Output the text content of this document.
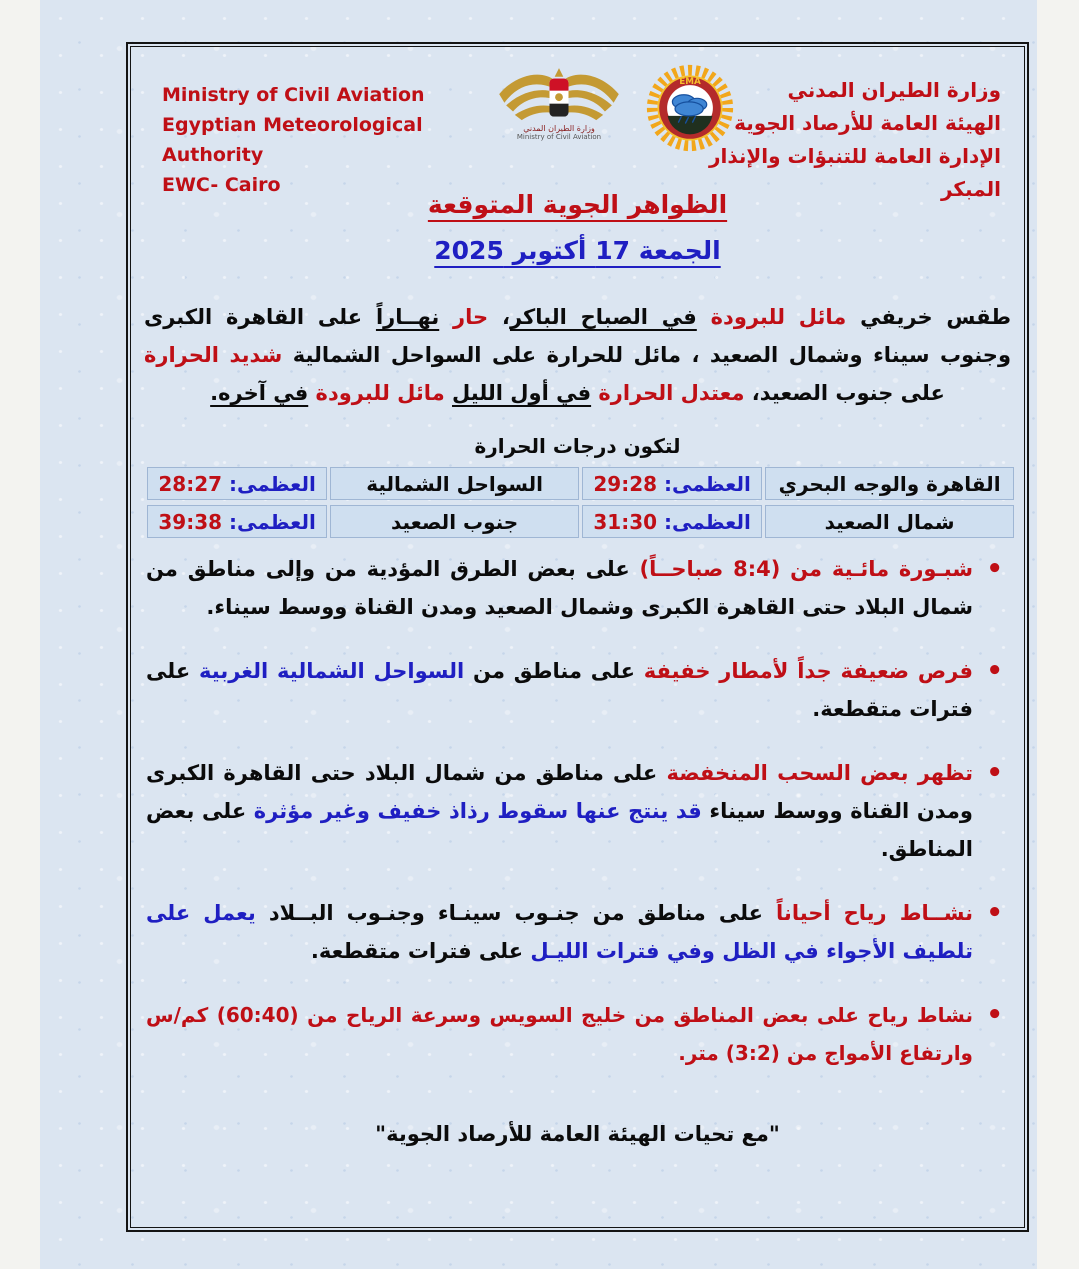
Ministry of Civil Aviation
Egyptian Meteorological Authority
EWC- Cairo
وزارة الطيران المدني
Ministry of Civil Aviation
EMA	وزارة الطيران المدني
الهيئة العامة للأرصاد الجوية
الإدارة العامة للتنبؤات والإنذار المبكر
الظواهر الجوية المتوقعة
الجمعة 17 أكتوبر 2025

طقس خريفي مائل للبرودة في الصباح الباكر، حار نهــاراً على القاهرة الكبرى وجنوب سيناء وشمال الصعيد ، مائل للحرارة على السواحل الشمالية شديد الحرارة على جنوب الصعيد، معتدل الحرارة في أول الليل مائل للبرودة في آخره.

لتكون درجات الحرارة
القاهرة والوجه البحري	العظمى: 29:28	السواحل الشمالية	العظمى: 28:27
شمال الصعيد	العظمى: 31:30	جنوب الصعيد	العظمى: 39:38
• شبـورة مائـية من (8:4 صباحــاً) على بعض الطرق المؤدية من وإلى مناطق من شمال البلاد حتى القاهرة الكبرى وشمال الصعيد ومدن القناة ووسط سيناء.
• فرص ضعيفة جداً لأمطار خفيفة على مناطق من السواحل الشمالية الغربية على فترات متقطعة.
• تظهر بعض السحب المنخفضة على مناطق من شمال البلاد حتى القاهرة الكبرى ومدن القناة ووسط سيناء قد ينتج عنها سقوط رذاذ خفيف وغير مؤثرة على بعض المناطق.
• نشــاط رياح أحياناً على مناطق من جنـوب سينـاء وجنـوب البــلاد يعمل على تلطيف الأجواء في الظل وفي فترات الليـل على فترات متقطعة.
• نشاط رياح على بعض المناطق من خليج السويس وسرعة الرياح من (60:40) كم/س وارتفاع الأمواج من (3:2) متر.
"مع تحيات الهيئة العامة للأرصاد الجوية"
